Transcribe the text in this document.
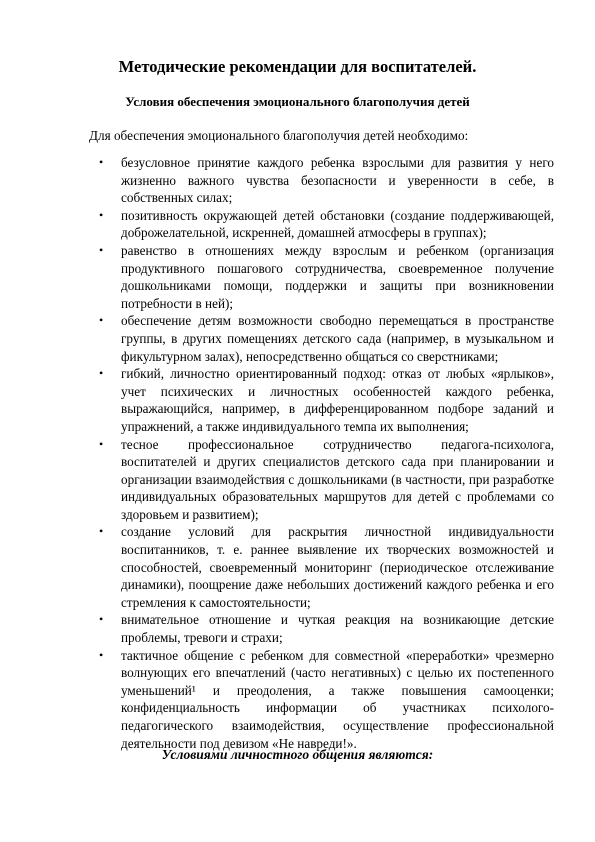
Методические рекомендации для воспитателей.
Условия обеспечения эмоционального благополучия детей

Для обеспечения эмоционального благополучия детей необходимо:

• безусловное принятие каждого ребенка взрослыми для развития у него жизненно важного чувства безопасности и уверенности в себе, в собственных силах;
• позитивность окружающей детей обстановки (создание поддерживающей, доброжелательной, искренней, домашней атмосферы в группах);
• равенство в отношениях между взрослым и ребенком (организация продуктивного пошагового сотрудничества, своевременное получение дошкольниками помощи, поддержки и защиты при возникновении потребности в ней);
• обеспечение детям возможности свободно перемещаться в пространстве группы, в других помещениях детского сада (например, в музыкальном и фикультурном залах), непосредственно общаться со сверстниками;
• гибкий, личностно ориентированный подход: отказ от любых «ярлыков», учет психических и личностных особенностей каждого ребенка, выражающийся, например, в дифференцированном подборе заданий и упражнений, а также индивидуального темпа их выполнения;
• тесное профессиональное сотрудничество педагога-психолога, воспитателей и других специалистов детского сада при планировании и организации взаимодействия с дошкольниками (в частности, при разработке индивидуальных образовательных маршрутов для детей с проблемами со здоровьем и развитием);
• создание условий для раскрытия личностной индивидуальности воспитанников, т. е. раннее выявление их творческих возможностей и способностей, своевременный мониторинг (периодическое отслеживание динамики), поощрение даже небольших достижений каждого ребенка и его стремления к самостоятельности;
• внимательное отношение и чуткая реакция на возникающие детские проблемы, тревоги и страхи;
• тактичное общение с ребенком для совместной «переработки» чрезмерно волнующих его впечатлений (часто негативных) с целью их постепенного уменьшений¹ и преодоления, а также повышения самооценки; конфиденциальность информации об участниках психолого-педагогического взаимодействия, осуществление профессиональной деятельности под девизом «Не навреди!».

Условиями личностного общения являются:
